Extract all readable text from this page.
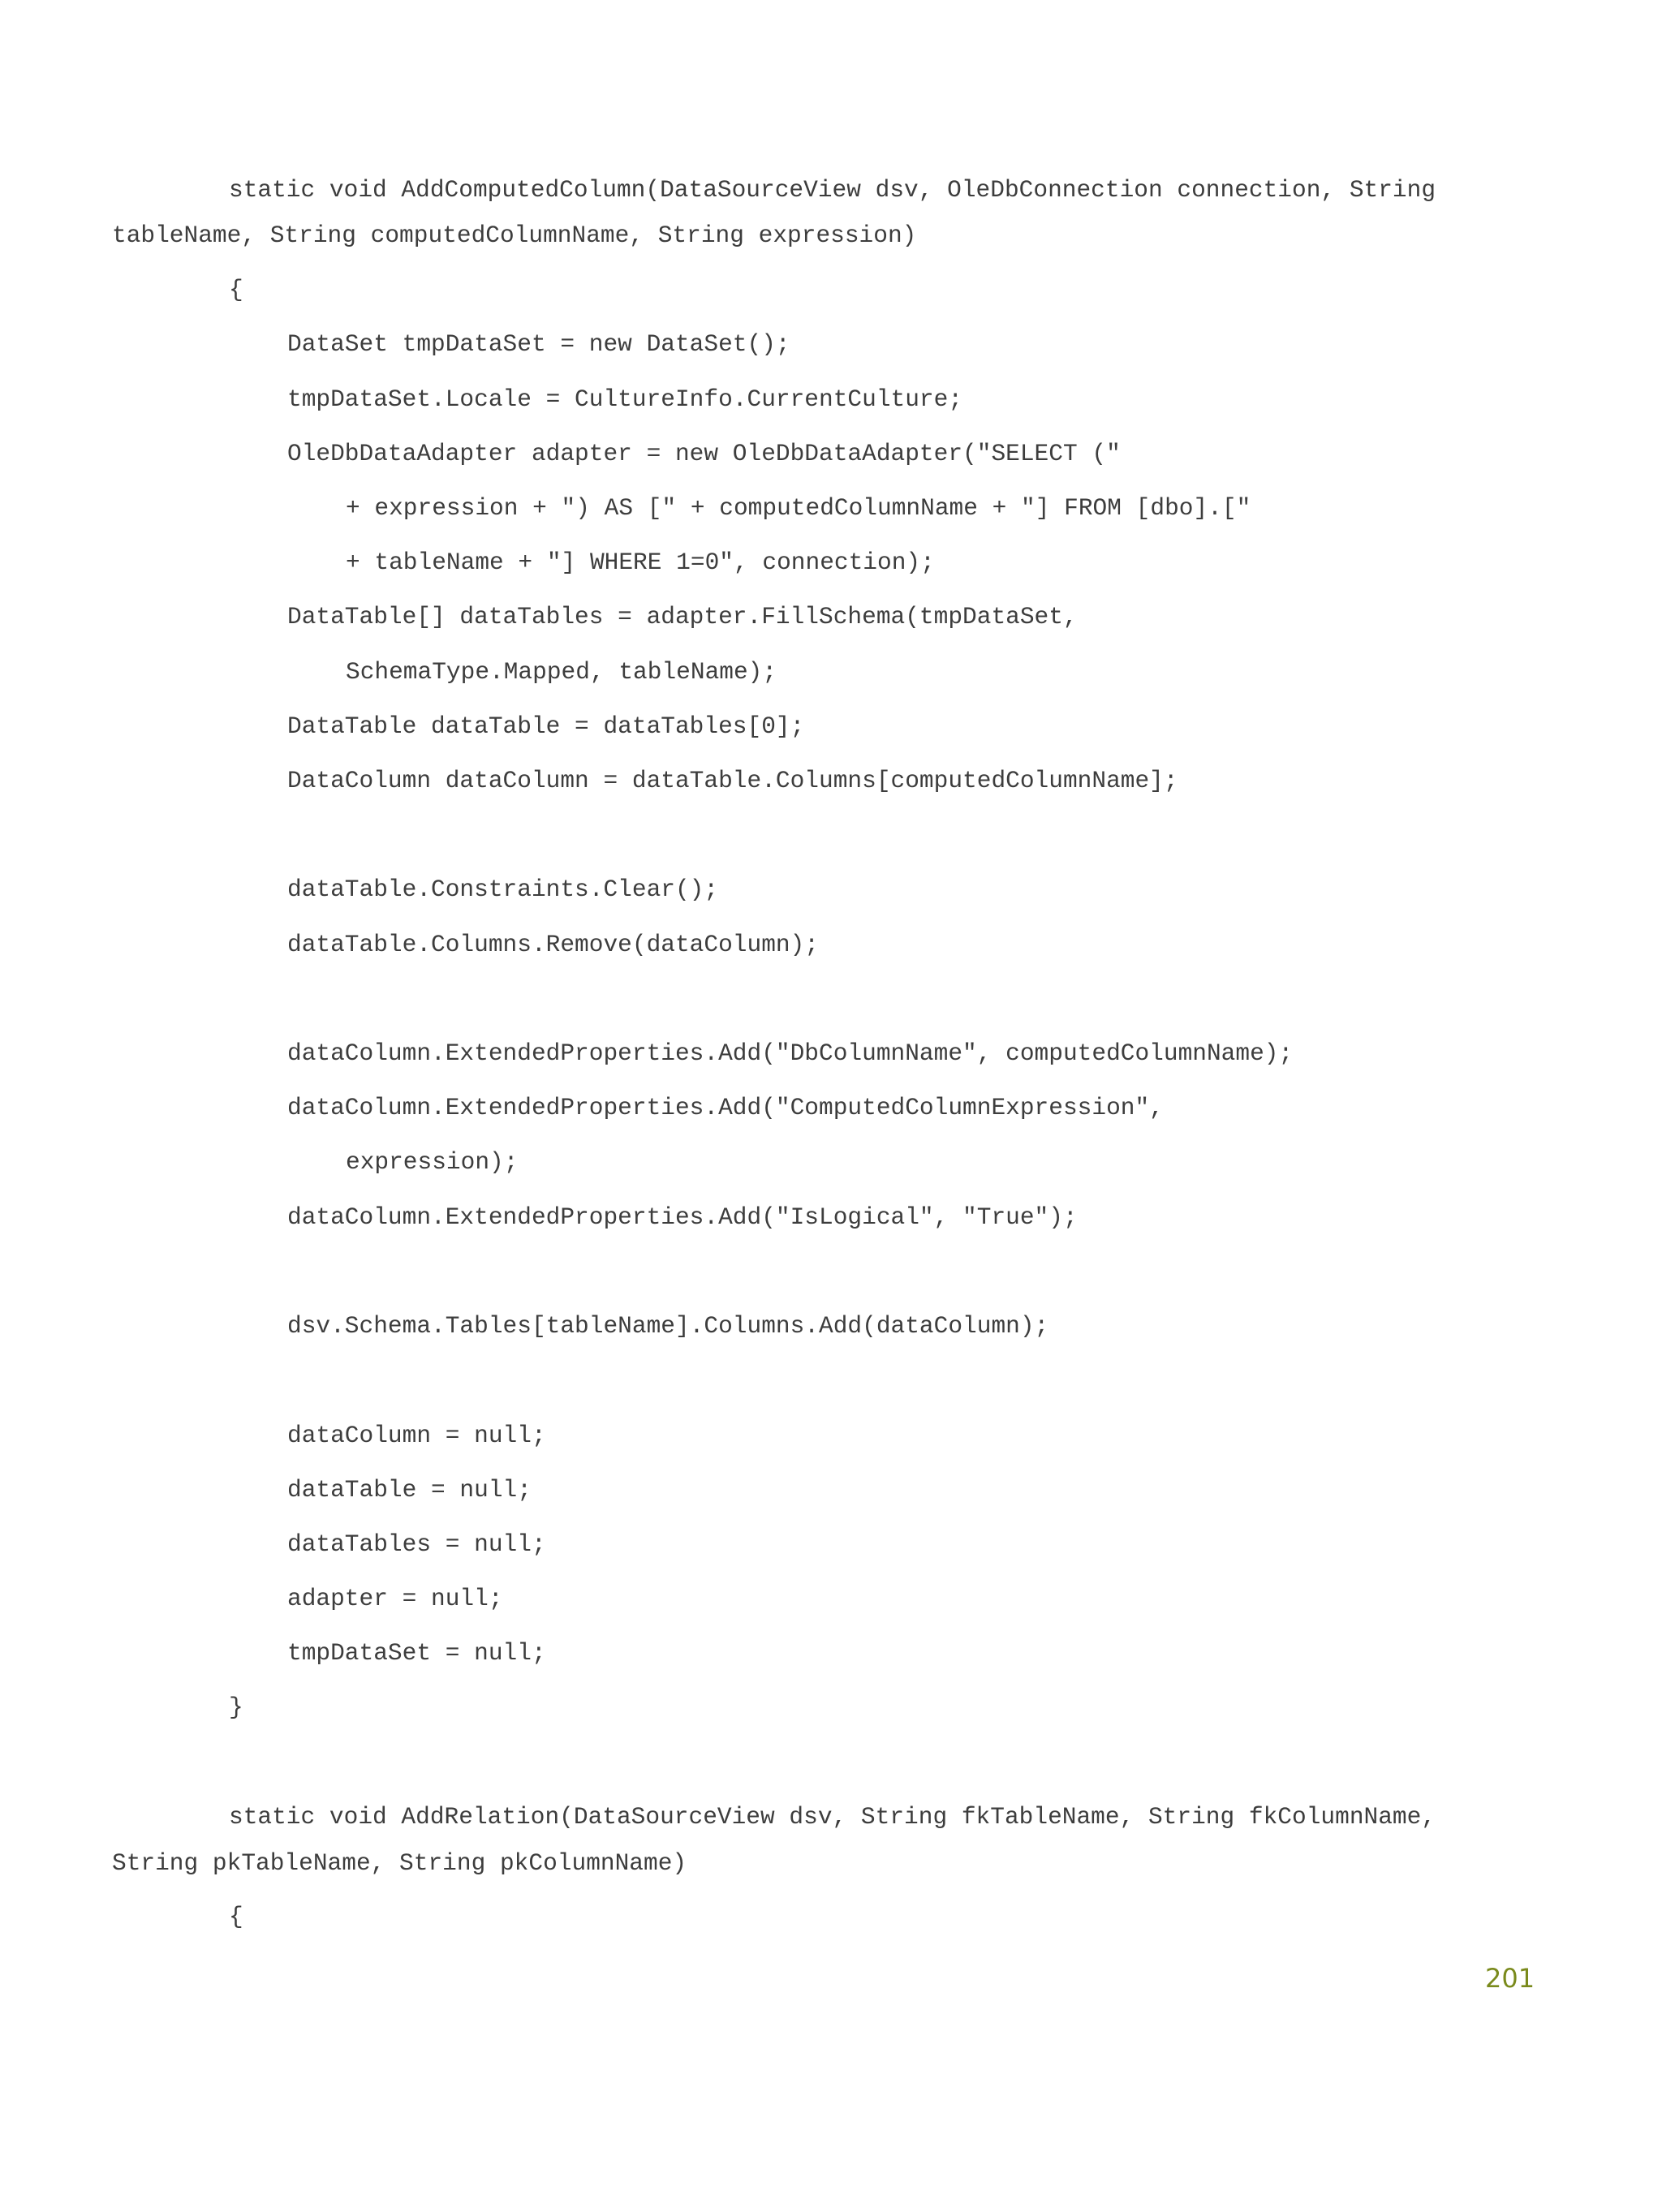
static void AddComputedColumn(DataSourceView dsv, OleDbConnection connection, String

tableName, String computedColumnName, String expression)

{

DataSet tmpDataSet = new DataSet();

tmpDataSet.Locale = CultureInfo.CurrentCulture;

OleDbDataAdapter adapter = new OleDbDataAdapter("SELECT ("

+ expression + ") AS [" + computedColumnName + "] FROM [dbo].["

+ tableName + "] WHERE 1=0", connection);

DataTable[] dataTables = adapter.FillSchema(tmpDataSet,

SchemaType.Mapped, tableName);

DataTable dataTable = dataTables[0];

DataColumn dataColumn = dataTable.Columns[computedColumnName];

dataTable.Constraints.Clear();

dataTable.Columns.Remove(dataColumn);

dataColumn.ExtendedProperties.Add("DbColumnName", computedColumnName);

dataColumn.ExtendedProperties.Add("ComputedColumnExpression",

expression);

dataColumn.ExtendedProperties.Add("IsLogical", "True");

dsv.Schema.Tables[tableName].Columns.Add(dataColumn);

dataColumn = null;

dataTable = null;

dataTables = null;

adapter = null;

tmpDataSet = null;

}

static void AddRelation(DataSourceView dsv, String fkTableName, String fkColumnName,

String pkTableName, String pkColumnName)

{

201
